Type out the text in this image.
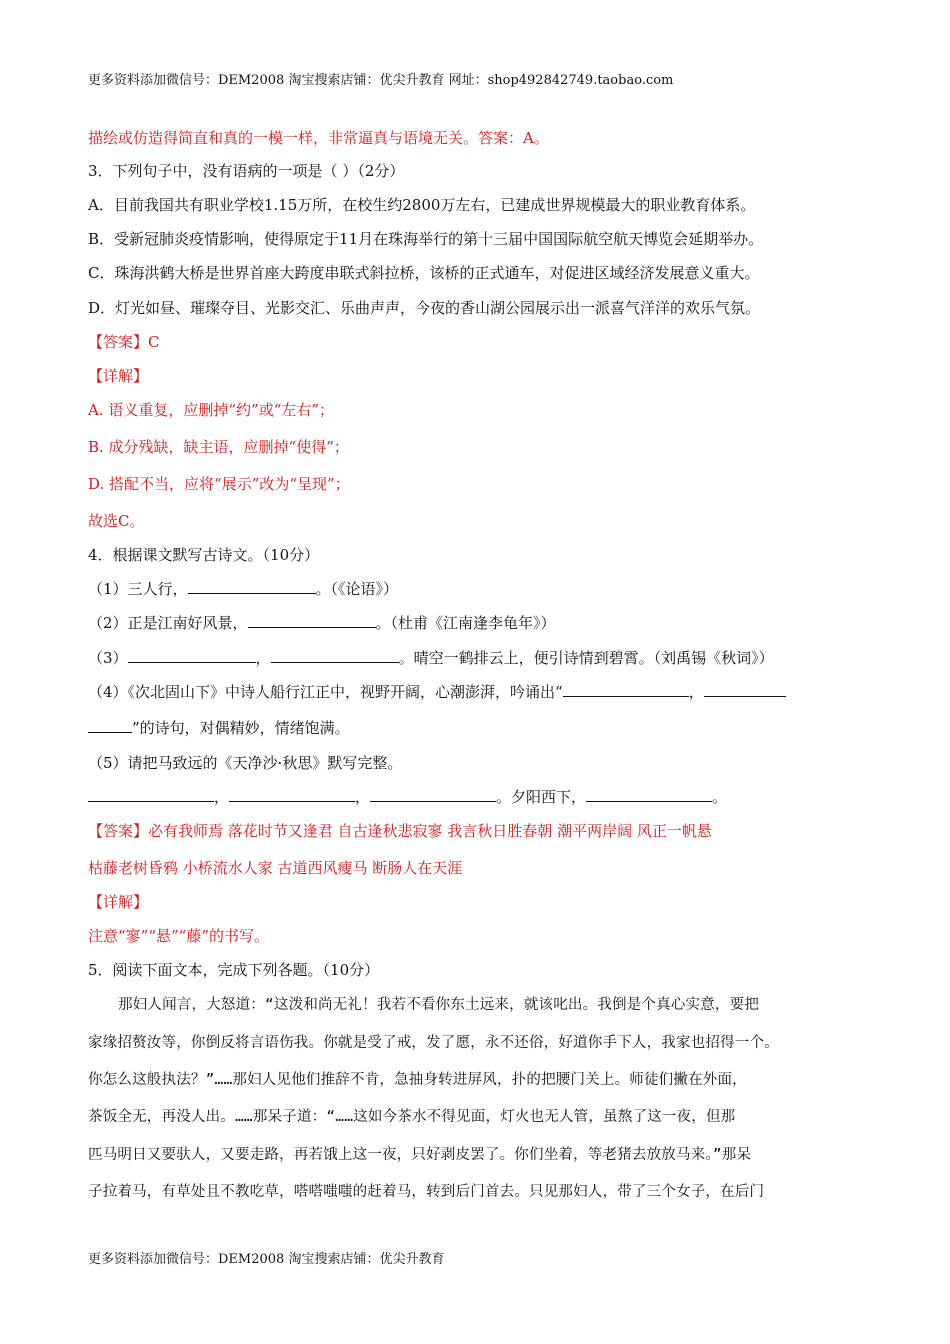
更多资料添加微信号：DEM2008 淘宝搜索店铺：优尖升教育 网址：shop492842749.taobao.com
描绘或仿造得简直和真的一模一样，非常逼真与语境无关。答案：A。
3．下列句子中，没有语病的一项是（ ）（2分）
A．目前我国共有职业学校1.15万所，在校生约2800万左右，已建成世界规模最大的职业教育体系。
B．受新冠肺炎疫情影响，使得原定于11月在珠海举行的第十三届中国国际航空航天博览会延期举办。
C．珠海洪鹤大桥是世界首座大跨度串联式斜拉桥，该桥的正式通车，对促进区域经济发展意义重大。
D．灯光如昼、璀璨夺目、光影交汇、乐曲声声，今夜的香山湖公园展示出一派喜气洋洋的欢乐气氛。
【答案】C
【详解】
A. 语义重复，应删掉“约”或“左右”；
B. 成分残缺，缺主语，应删掉“使得”；
D. 搭配不当，应将“展示”改为“呈现”；
故选C。
4．根据课文默写古诗文。（10分）
（1）三人行，	。（《论语》）
（2）正是江南好风景，	。（杜甫《江南逢李龟年》）
（3）	，	。晴空一鹤排云上，便引诗情到碧霄。（刘禹锡《秋词》）
（4）《次北固山下》中诗人船行江正中，视野开阔，心潮澎湃，吟诵出“	，
”的诗句，对偶精妙，情绪饱满。
（5）请把马致远的《天净沙·秋思》默写完整。
，	，	。夕阳西下，	。
【答案】必有我师焉 落花时节又逢君 自古逢秋悲寂寥 我言秋日胜春朝 潮平两岸阔 风正一帆悬
枯藤老树昏鸦 小桥流水人家 古道西风瘦马 断肠人在天涯
【详解】
注意“寥”“悬”“藤”的书写。
5．阅读下面文本，完成下列各题。（10分）
那妇人闻言，大怒道：“这泼和尚无礼！我若不看你东土远来，就该叱出。我倒是个真心实意，要把
家缘招赘汝等，你倒反将言语伤我。你就是受了戒，发了愿，永不还俗，好道你手下人，我家也招得一个。
你怎么这般执法？”……那妇人见他们推辞不肯，急抽身转进屏风，扑的把腰门关上。师徒们撇在外面，
茶饭全无，再没人出。……那呆子道：“……这如今茶水不得见面，灯火也无人管，虽熬了这一夜，但那
匹马明日又要驮人，又要走路，再若饿上这一夜，只好剥皮罢了。你们坐着，等老猪去放放马来。”那呆
子拉着马，有草处且不教吃草，嗒嗒嗤嗤的赶着马，转到后门首去。只见那妇人，带了三个女子，在后门
更多资料添加微信号：DEM2008 淘宝搜索店铺：优尖升教育
